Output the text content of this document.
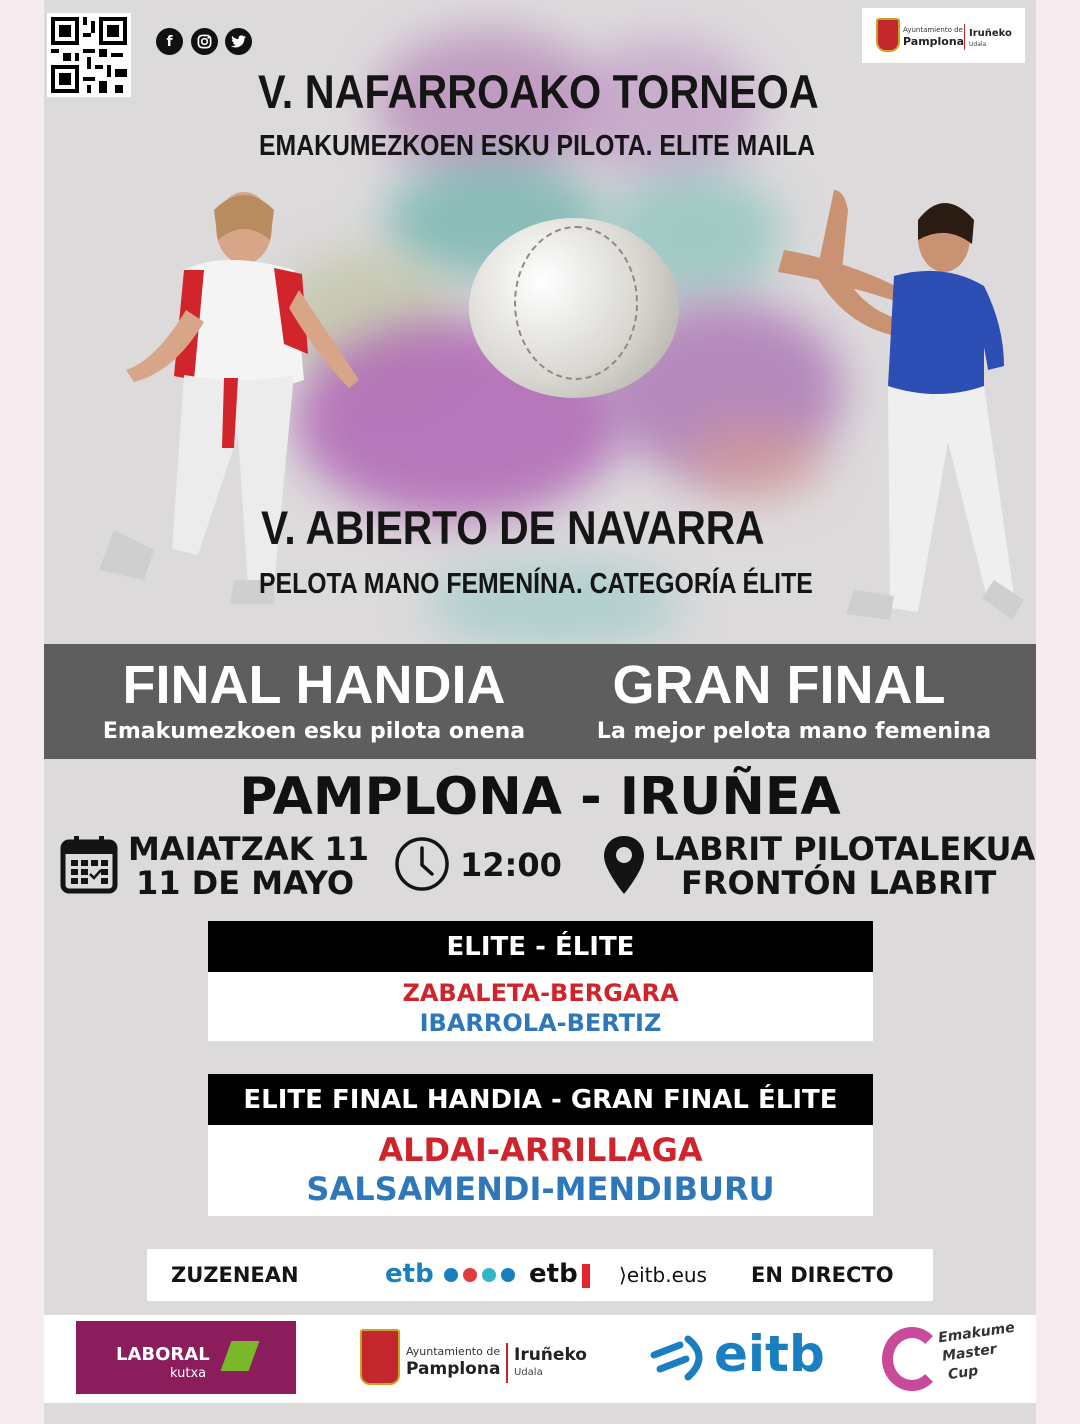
f
Ayuntamiento de
Pamplona
Iruñeko
Udala
V. NAFARROAKO TORNEOA
EMAKUMEZKOEN ESKU PILOTA. ELITE MAILA
V. ABIERTO DE NAVARRA
PELOTA MANO FEMENÍNA. CATEGORÍA ÉLITE
FINAL HANDIA
Emakumezkoen esku pilota onena
GRAN FINAL
La mejor pelota mano femenina
PAMPLONA - IRUÑEA
MAIATZAK 11
11 DE MAYO	12:00	LABRIT PILOTALEKUA
FRONTÓN LABRIT
ELITE - ÉLITE
ZABALETA-BERGARA
IBARROLA-BERTIZ
ELITE FINAL HANDIA - GRAN FINAL ÉLITE
ALDAI-ARRILLAGA
SALSAMENDI-MENDIBURU
ZUZENEAN	etb	etb ⟩eitb.eus EN DIRECTO
LABORAL
kutxa
Ayuntamiento de
Pamplona
Iruñeko
Udala	eitb	Emakume
Master
Cup
